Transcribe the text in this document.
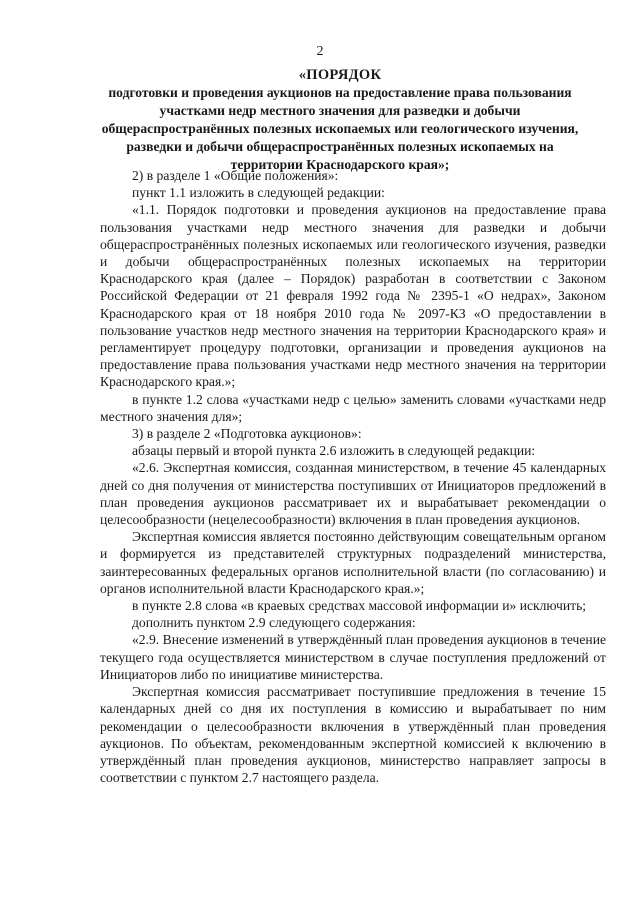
2
«ПОРЯДОК
подготовки и проведения аукционов на предоставление права пользования участками недр местного значения для разведки и добычи общераспространённых полезных ископаемых или геологического изучения, разведки и добычи общераспространённых полезных ископаемых на территории Краснодарского края»;

2) в разделе 1 «Общие положения»:

пункт 1.1 изложить в следующей редакции:

«1.1. Порядок подготовки и проведения аукционов на предоставление права пользования участками недр местного значения для разведки и добычи общераспространённых полезных ископаемых или геологического изучения, разведки и добычи общераспространённых полезных ископаемых на территории Краснодарского края (далее – Порядок) разработан в соответствии с Законом Российской Федерации от 21 февраля 1992 года № 2395-1 «О недрах», Законом Краснодарского края от 18 ноября 2010 года № 2097-КЗ «О предоставлении в пользование участков недр местного значения на территории Краснодарского края» и регламентирует процедуру подготовки, организации и проведения аукционов на предоставление права пользования участками недр местного значения на территории Краснодарского края.»;

в пункте 1.2 слова «участками недр с целью» заменить словами «участками недр местного значения для»;

3) в разделе 2 «Подготовка аукционов»:

абзацы первый и второй пункта 2.6 изложить в следующей редакции:

«2.6. Экспертная комиссия, созданная министерством, в течение 45 календарных дней со дня получения от министерства поступивших от Инициаторов предложений в план проведения аукционов рассматривает их и вырабатывает рекомендации о целесообразности (нецелесообразности) включения в план проведения аукционов.

Экспертная комиссия является постоянно действующим совещательным органом и формируется из представителей структурных подразделений министерства, заинтересованных федеральных органов исполнительной власти (по согласованию) и органов исполнительной власти Краснодарского края.»;

в пункте 2.8 слова «в краевых средствах массовой информации и» исключить;

дополнить пунктом 2.9 следующего содержания:

«2.9. Внесение изменений в утверждённый план проведения аукционов в течение текущего года осуществляется министерством в случае поступления предложений от Инициаторов либо по инициативе министерства.

Экспертная комиссия рассматривает поступившие предложения в течение 15 календарных дней со дня их поступления в комиссию и вырабатывает по ним рекомендации о целесообразности включения в утверждённый план проведения аукционов. По объектам, рекомендованным экспертной комиссией к включению в утверждённый план проведения аукционов, министерство направляет запросы в соответствии с пунктом 2.7 настоящего раздела.
